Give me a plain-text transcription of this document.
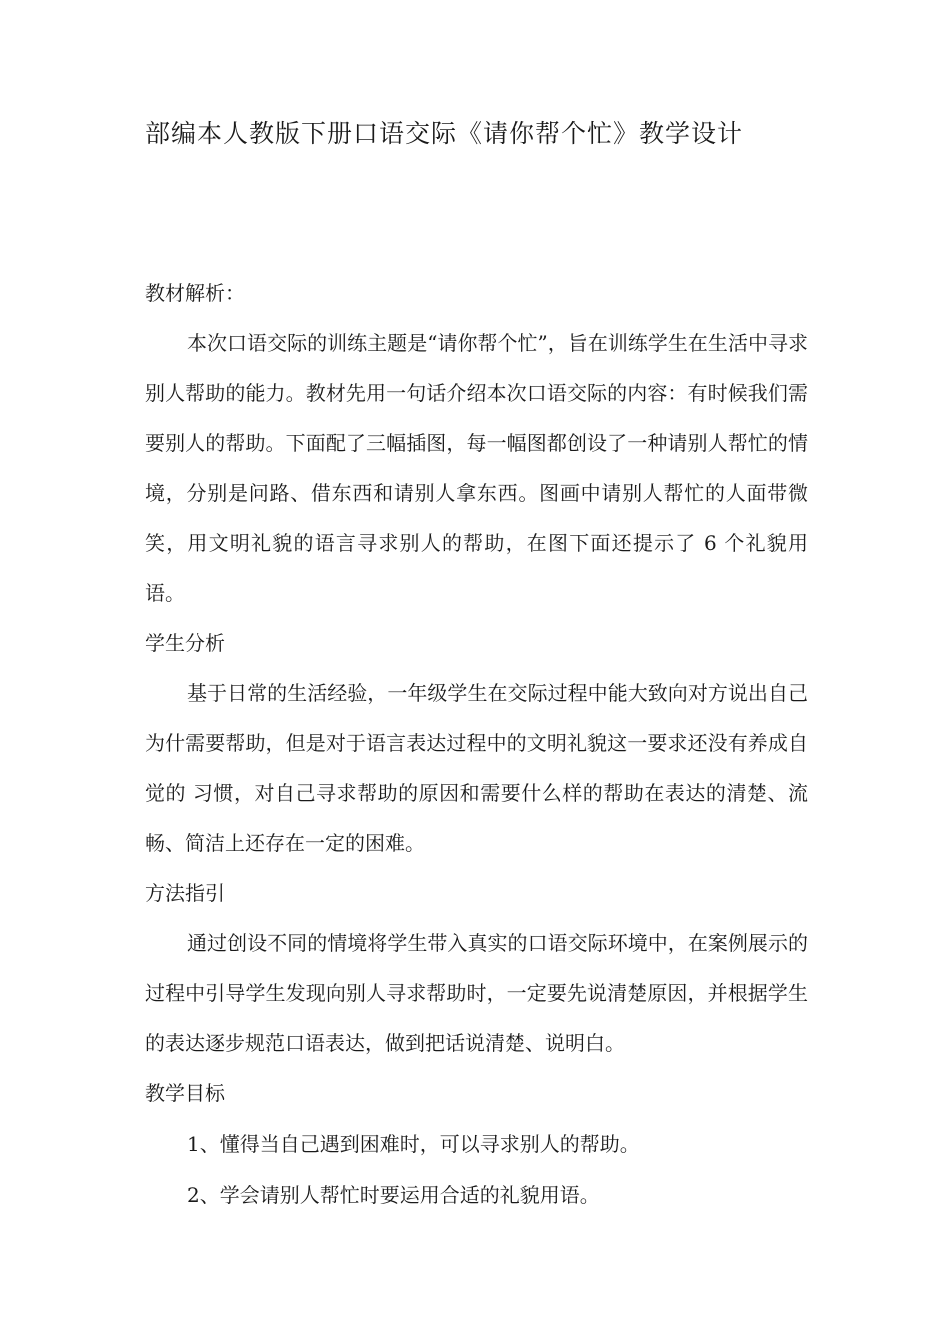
部编本人教版下册口语交际《请你帮个忙》教学设计

教材解析：

本次口语交际的训练主题是“请你帮个忙”，旨在训练学生在生活中寻求别人帮助的能力。教材先用一句话介绍本次口语交际的内容：有时候我们需要别人的帮助。下面配了三幅插图，每一幅图都创设了一种请别人帮忙的情境，分别是问路、借东西和请别人拿东西。图画中请别人帮忙的人面带微笑，用文明礼貌的语言寻求别人的帮助，在图下面还提示了 6 个礼貌用语。

学生分析

基于日常的生活经验，一年级学生在交际过程中能大致向对方说出自己为什需要帮助，但是对于语言表达过程中的文明礼貌这一要求还没有养成自觉的 习惯，对自己寻求帮助的原因和需要什么样的帮助在表达的清楚、流畅、简洁上还存在一定的困难。

方法指引

通过创设不同的情境将学生带入真实的口语交际环境中，在案例展示的过程中引导学生发现向别人寻求帮助时，一定要先说清楚原因，并根据学生的表达逐步规范口语表达，做到把话说清楚、说明白。

教学目标

1、懂得当自己遇到困难时，可以寻求别人的帮助。

2、学会请别人帮忙时要运用合适的礼貌用语。
